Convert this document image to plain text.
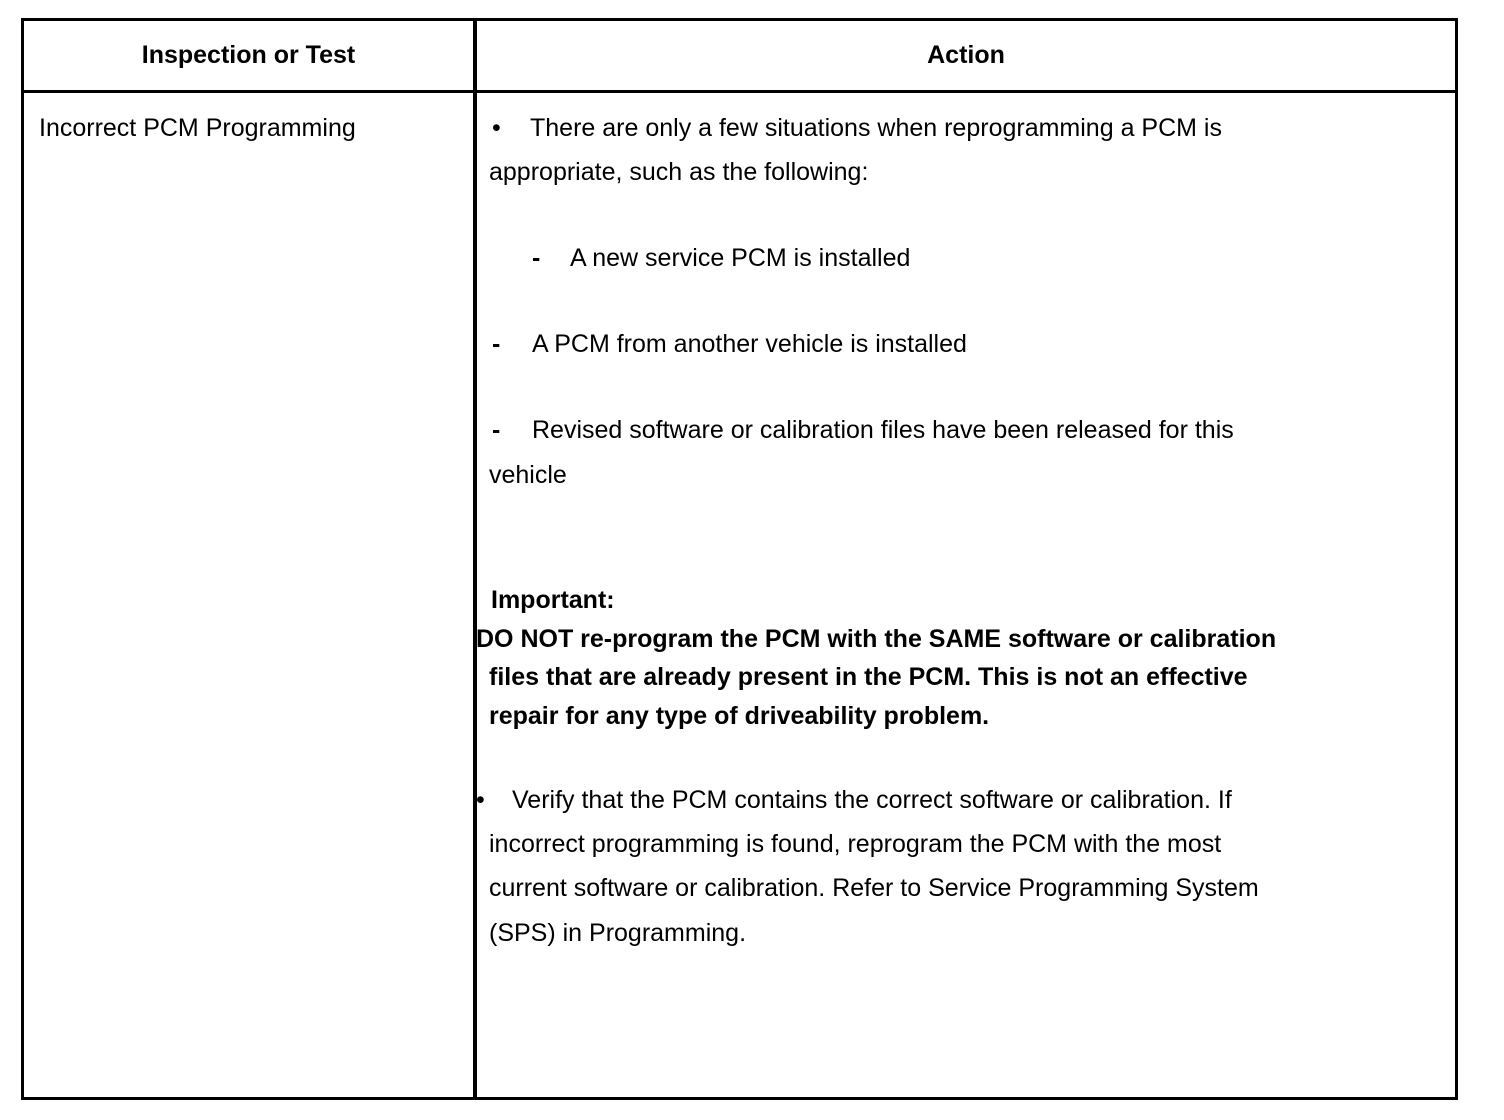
Inspection or Test	Action
Incorrect PCM Programming	• There are only a few situations when reprogramming a PCM is
appropriate, such as the following:
- A new service PCM is installed
- A PCM from another vehicle is installed
- Revised software or calibration files have been released for this
vehicle
Important:
DO NOT re-program the PCM with the SAME software or calibration
files that are already present in the PCM. This is not an effective
repair for any type of driveability problem.
• Verify that the PCM contains the correct software or calibration. If
incorrect programming is found, reprogram the PCM with the most
current software or calibration. Refer to Service Programming System
(SPS) in Programming.
